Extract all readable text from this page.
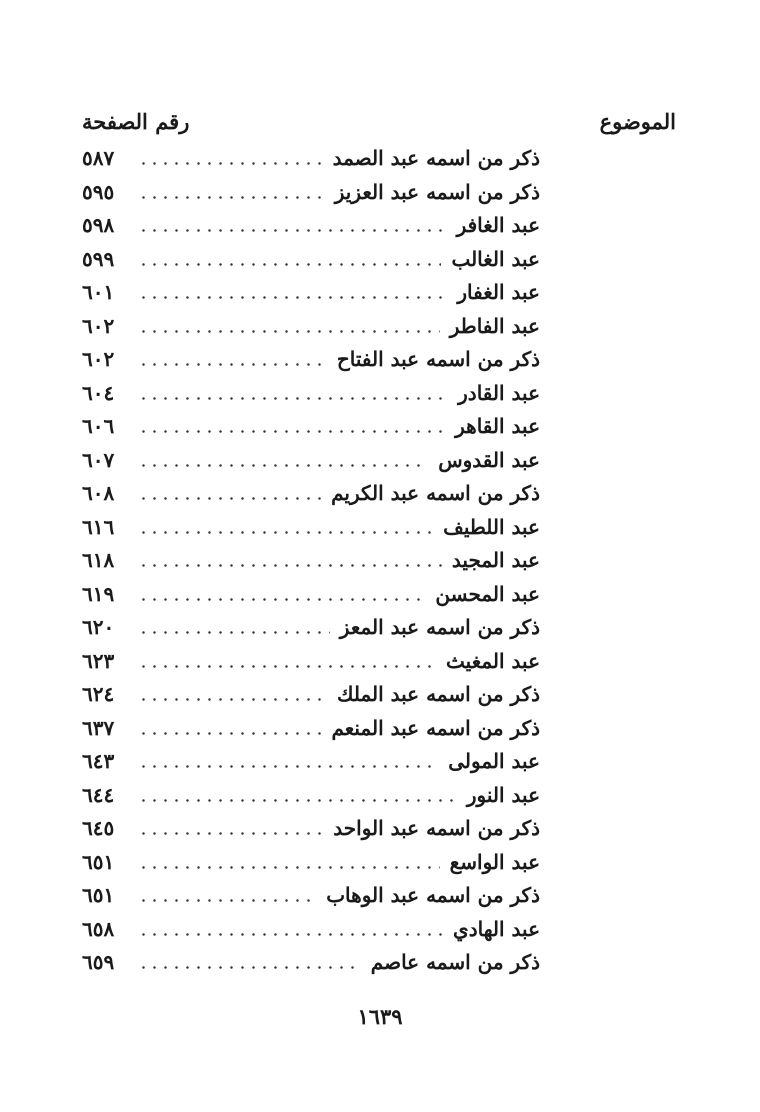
الموضوع
رقم الصفحة
ذكر من اسمه عبد الصمد
٥٨٧
ذكر من اسمه عبد العزيز
٥٩٥
عبد الغافر
٥٩٨
عبد الغالب
٥٩٩
عبد الغفار
٦٠١
عبد الفاطر
٦٠٢
ذكر من اسمه عبد الفتاح
٦٠٢
عبد القادر
٦٠٤
عبد القاهر
٦٠٦
عبد القدوس
٦٠٧
ذكر من اسمه عبد الكريم
٦٠٨
عبد اللطيف
٦١٦
عبد المجيد
٦١٨
عبد المحسن
٦١٩
ذكر من اسمه عبد المعز
٦٢٠
عبد المغيث
٦٢٣
ذكر من اسمه عبد الملك
٦٢٤
ذكر من اسمه عبد المنعم
٦٣٧
عبد المولى
٦٤٣
عبد النور
٦٤٤
ذكر من اسمه عبد الواحد
٦٤٥
عبد الواسع
٦٥١
ذكر من اسمه عبد الوهاب
٦٥١
عبد الهادي
٦٥٨
ذكر من اسمه عاصم
٦٥٩
١٦٣٩
